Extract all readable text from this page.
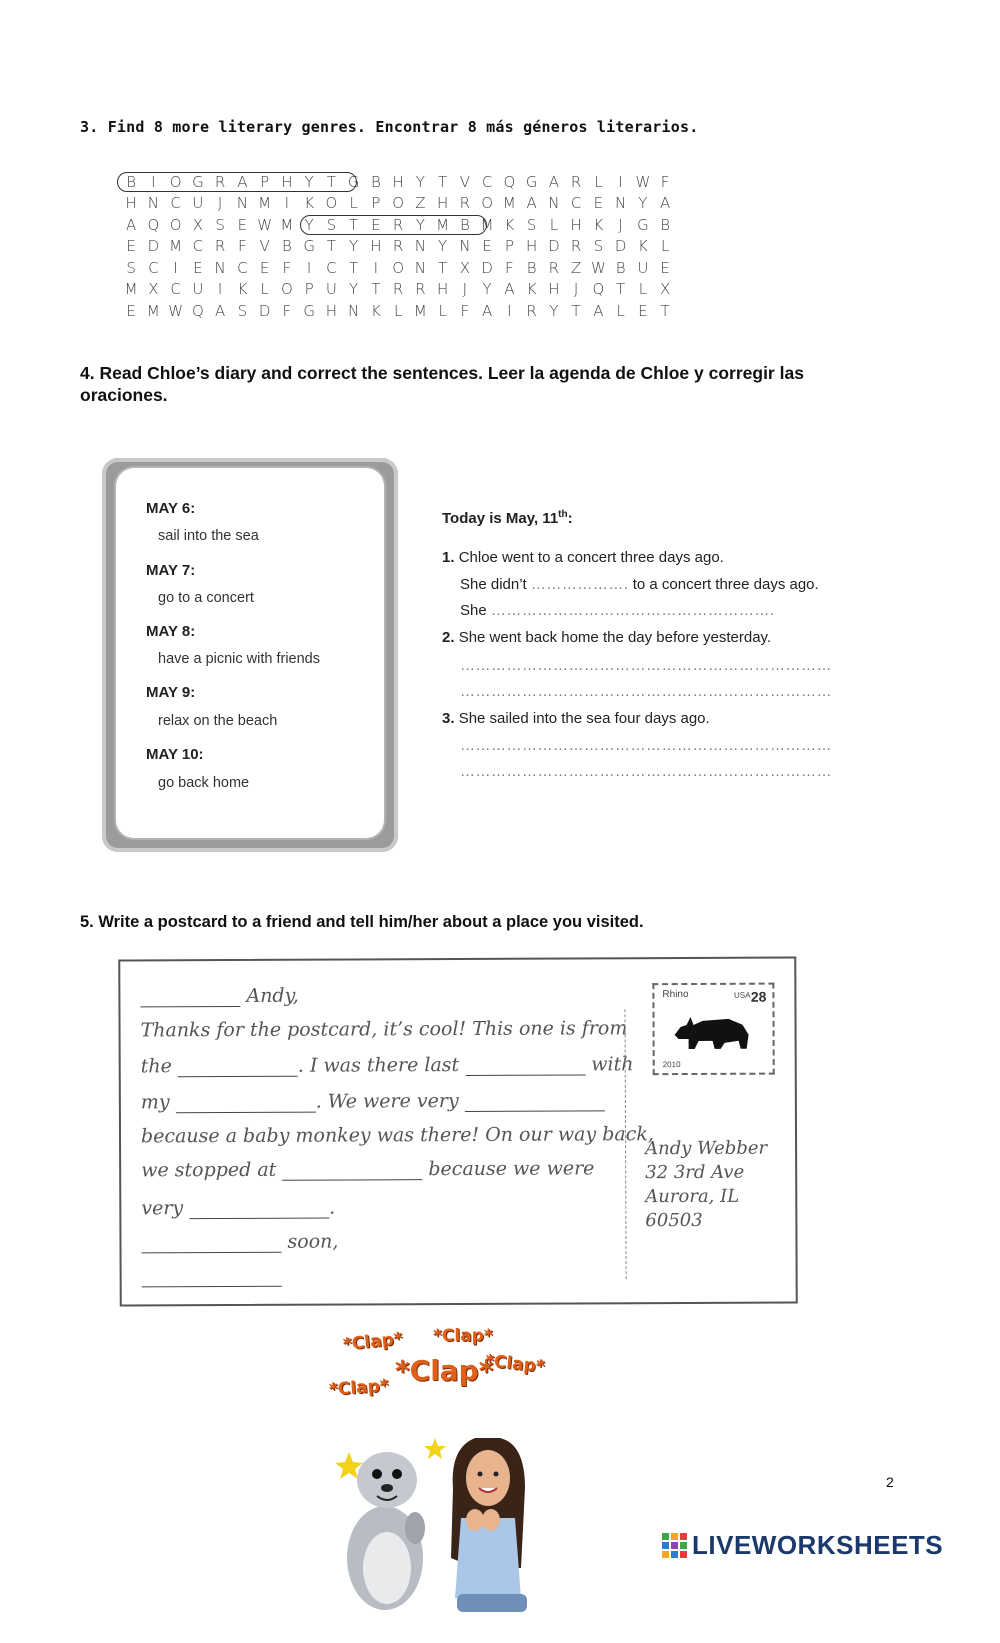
3. Find 8 more literary genres. Encontrar 8 más géneros literarios.
B	I O G R A P H Y T G B H Y T V C Q G A R L	I W F
H N C U J N M I	K O L P O Z H R O M A N C E N Y A
A Q O X S E W M Y S T E R Y M B M K S L H K	J G B
E D M C R F V B G T Y H R N Y N E P H D R S D K L
S C I	E N C E F	I C T	I O N T X D F B R Z W B U E
M X C U I	K L O P U Y T R R H J	Y A K H J Q T L X
E M W Q A S D F G H N K L M L F A I R Y T A L E T
4. Read Chloe’s diary and correct the sentences. Leer la agenda de Chloe y corregir las oraciones.
MAY 6:
sail into the sea
MAY 7:
go to a concert
MAY 8:
have a picnic with friends
MAY 9:
relax on the beach
MAY 10:
go back home
Today is May, 11th:
1. Chloe went to a concert three days ago.
She didn’t ………………. to a concert three days ago.
She ……………………………………………….
2. She went back home the day before yesterday.
………………………………………………………………
………………………………………………………………
3. She sailed into the sea four days ago.
………………………………………………………………
………………………………………………………………
5. Write a postcard to a friend and tell him/her about a place you visited.
Andy,
Thanks for the postcard, it’s cool! This one is from
the	. I was there last	with
my	. We were very
because a baby monkey was there! On our way back,
we stopped at	because we were
very	.
soon,
Rhino	28
USA
2010
Andy Webber
32 3rd Ave
Aurora, IL
60503
*Clap* *Clap*
*Clap*
*Clap*
*Clap*
2
LIVEWORKSHEETS
